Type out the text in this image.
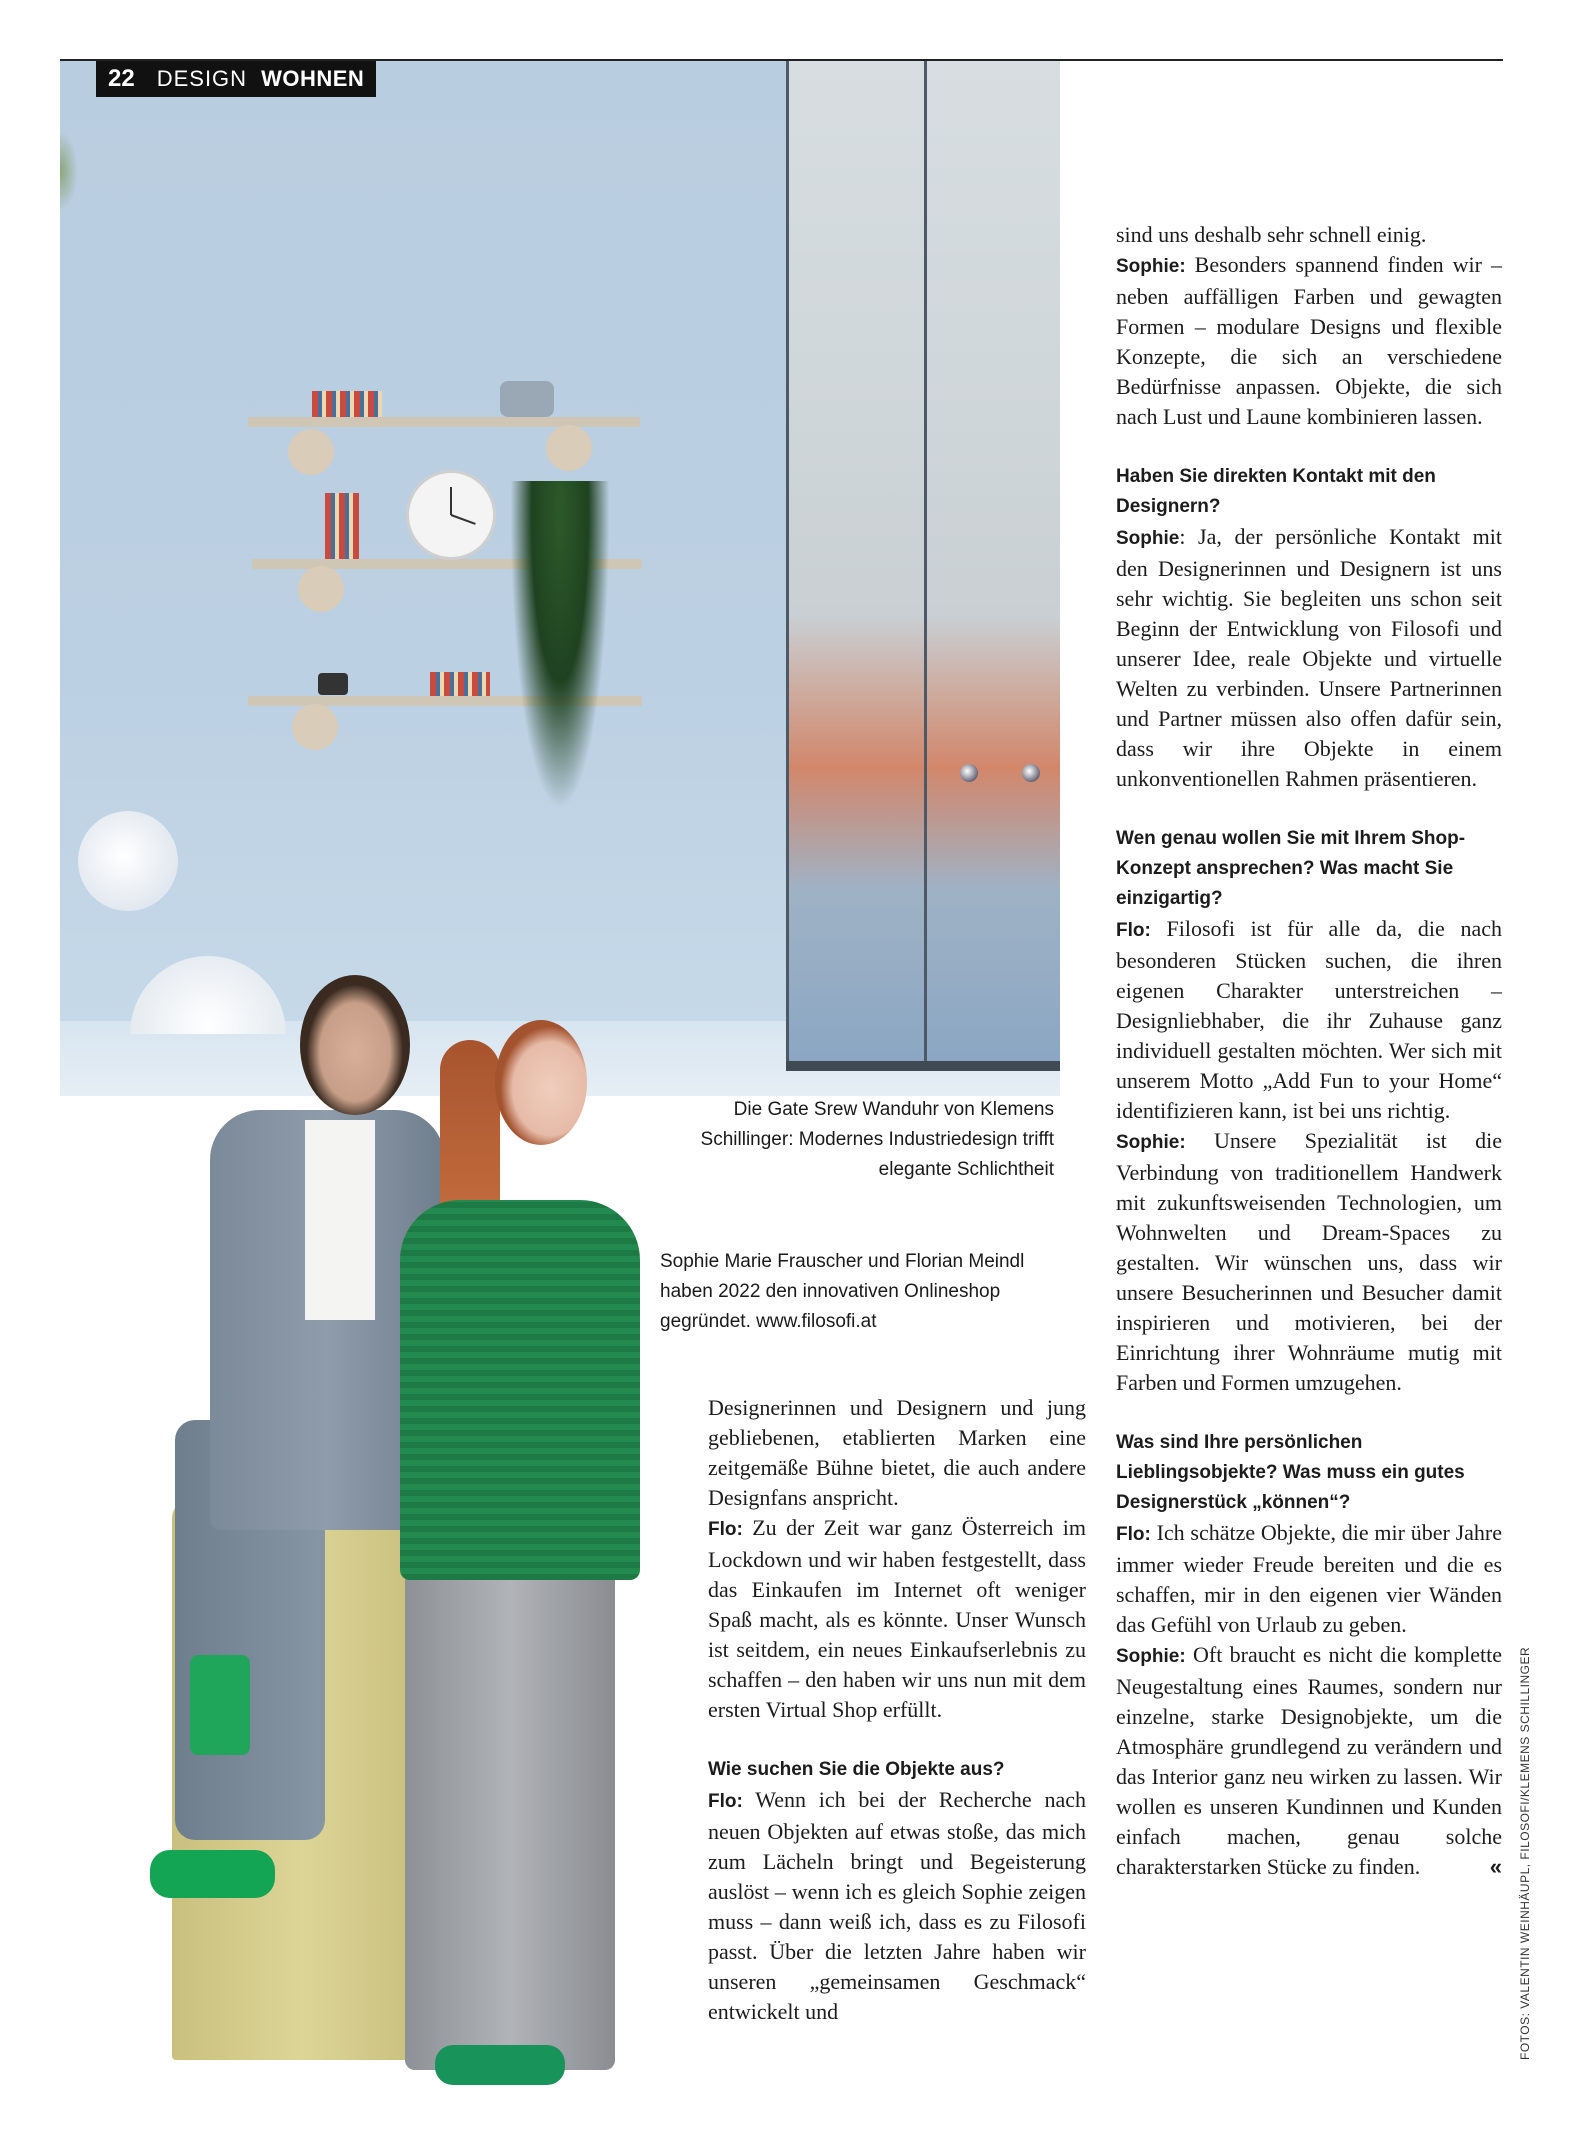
22 DESIGN WOHNEN
Die Gate Srew Wanduhr von Klemens Schillinger: Modernes Industriedesign trifft elegante Schlichtheit
Sophie Marie Frauscher und Florian Meindl haben 2022 den innovativen Onlineshop gegründet. www.filosofi.at

Designerinnen und Designern und jung gebliebenen, etablierten Marken eine zeitgemäße Bühne bietet, die auch andere Designfans anspricht.

Flo: Zu der Zeit war ganz Österreich im Lockdown und wir haben festgestellt, dass das Einkaufen im Internet oft weniger Spaß macht, als es könnte. Unser Wunsch ist seitdem, ein neues Einkaufserlebnis zu schaffen – den haben wir uns nun mit dem ersten Virtual Shop erfüllt.

Wie suchen Sie die Objekte aus?

Flo: Wenn ich bei der Recherche nach neuen Objekten auf etwas stoße, das mich zum Lächeln bringt und Begeisterung auslöst – wenn ich es gleich Sophie zeigen muss – dann weiß ich, dass es zu Filosofi passt. Über die letzten Jahre haben wir unseren „gemeinsamen Geschmack“ entwickelt und

sind uns deshalb sehr schnell einig.

Sophie: Besonders spannend finden wir – neben auffälligen Farben und gewagten Formen – modulare Designs und flexible Konzepte, die sich an verschiedene Bedürfnisse anpassen. Objekte, die sich nach Lust und Laune kombinieren lassen.

Haben Sie direkten Kontakt mit den Designern?

Sophie: Ja, der persönliche Kontakt mit den Designerinnen und Designern ist uns sehr wichtig. Sie begleiten uns schon seit Beginn der Entwicklung von Filosofi und unserer Idee, reale Objekte und virtuelle Welten zu verbinden. Unsere Partnerinnen und Partner müssen also offen dafür sein, dass wir ihre Objekte in einem unkonventionellen Rahmen präsentieren.

Wen genau wollen Sie mit Ihrem Shop-Konzept ansprechen? Was macht Sie einzigartig?

Flo: Filosofi ist für alle da, die nach besonderen Stücken suchen, die ihren eigenen Charakter unterstreichen – Designliebhaber, die ihr Zuhause ganz individuell gestalten möchten. Wer sich mit unserem Motto „Add Fun to your Home“ identifizieren kann, ist bei uns richtig.

Sophie: Unsere Spezialität ist die Verbindung von traditionellem Handwerk mit zukunftsweisenden Technologien, um Wohnwelten und Dream-Spaces zu gestalten. Wir wünschen uns, dass wir unsere Besucherinnen und Besucher damit inspirieren und motivieren, bei der Einrichtung ihrer Wohnräume mutig mit Farben und Formen umzugehen.

Was sind Ihre persönlichen Lieblingsobjekte? Was muss ein gutes Designerstück „können“?

Flo: Ich schätze Objekte, die mir über Jahre immer wieder Freude bereiten und die es schaffen, mir in den eigenen vier Wänden das Gefühl von Urlaub zu geben.

Sophie: Oft braucht es nicht die komplette Neugestaltung eines Raumes, sondern nur einzelne, starke Designobjekte, um die Atmosphäre grundlegend zu verändern und das Interior ganz neu wirken zu lassen. Wir wollen es unseren Kundinnen und Kunden einfach machen, genau solche charakterstarken Stücke zu finden.	« FOTOS: VALENTIN WEINHÄUPL, FILOSOFI/KLEMENS SCHILLINGER
